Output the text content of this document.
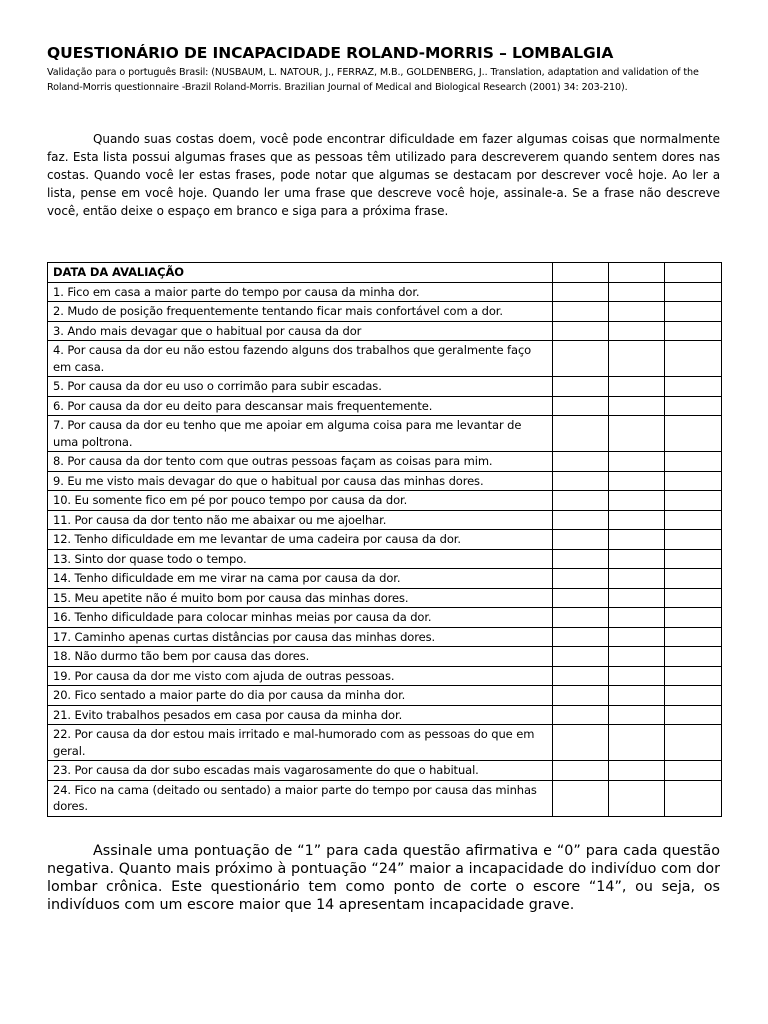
QUESTIONÁRIO DE INCAPACIDADE ROLAND-MORRIS – LOMBALGIA

Validação para o português Brasil: (NUSBAUM, L. NATOUR, J., FERRAZ, M.B., GOLDENBERG, J.. Translation, adaptation and validation of the Roland-Morris questionnaire -Brazil Roland-Morris. Brazilian Journal of Medical and Biological Research (2001) 34: 203-210).

Quando suas costas doem, você pode encontrar dificuldade em fazer algumas coisas que normalmente faz. Esta lista possui algumas frases que as pessoas têm utilizado para descreverem quando sentem dores nas costas. Quando você ler estas frases, pode notar que algumas se destacam por descrever você hoje. Ao ler a lista, pense em você hoje. Quando ler uma frase que descreve você hoje, assinale-a. Se a frase não descreve você, então deixe o espaço em branco e siga para a próxima frase.

DATA DA AVALIAÇÃO			
1. Fico em casa a maior parte do tempo por causa da minha dor.			
2. Mudo de posição frequentemente tentando ficar mais confortável com a dor.			
3. Ando mais devagar que o habitual por causa da dor			
4. Por causa da dor eu não estou fazendo alguns dos trabalhos que geralmente faço em casa.			
5. Por causa da dor eu uso o corrimão para subir escadas.			
6. Por causa da dor eu deito para descansar mais frequentemente.			
7. Por causa da dor eu tenho que me apoiar em alguma coisa para me levantar de uma poltrona.			
8. Por causa da dor tento com que outras pessoas façam as coisas para mim.			
9. Eu me visto mais devagar do que o habitual por causa das minhas dores.			
10. Eu somente fico em pé por pouco tempo por causa da dor.			
11. Por causa da dor tento não me abaixar ou me ajoelhar.			
12. Tenho dificuldade em me levantar de uma cadeira por causa da dor.			
13. Sinto dor quase todo o tempo.			
14. Tenho dificuldade em me virar na cama por causa da dor.			
15. Meu apetite não é muito bom por causa das minhas dores.			
16. Tenho dificuldade para colocar minhas meias por causa da dor.			
17. Caminho apenas curtas distâncias por causa das minhas dores.			
18. Não durmo tão bem por causa das dores.			
19. Por causa da dor me visto com ajuda de outras pessoas.			
20. Fico sentado a maior parte do dia por causa da minha dor.			
21. Evito trabalhos pesados em casa por causa da minha dor.			
22. Por causa da dor estou mais irritado e mal-humorado com as pessoas do que em geral.			
23. Por causa da dor subo escadas mais vagarosamente do que o habitual.			
24. Fico na cama (deitado ou sentado) a maior parte do tempo por causa das minhas dores.			

Assinale uma pontuação de “1” para cada questão afirmativa e “0” para cada questão negativa. Quanto mais próximo à pontuação “24” maior a incapacidade do indivíduo com dor lombar crônica. Este questionário tem como ponto de corte o escore “14”, ou seja, os indivíduos com um escore maior que 14 apresentam incapacidade grave.
